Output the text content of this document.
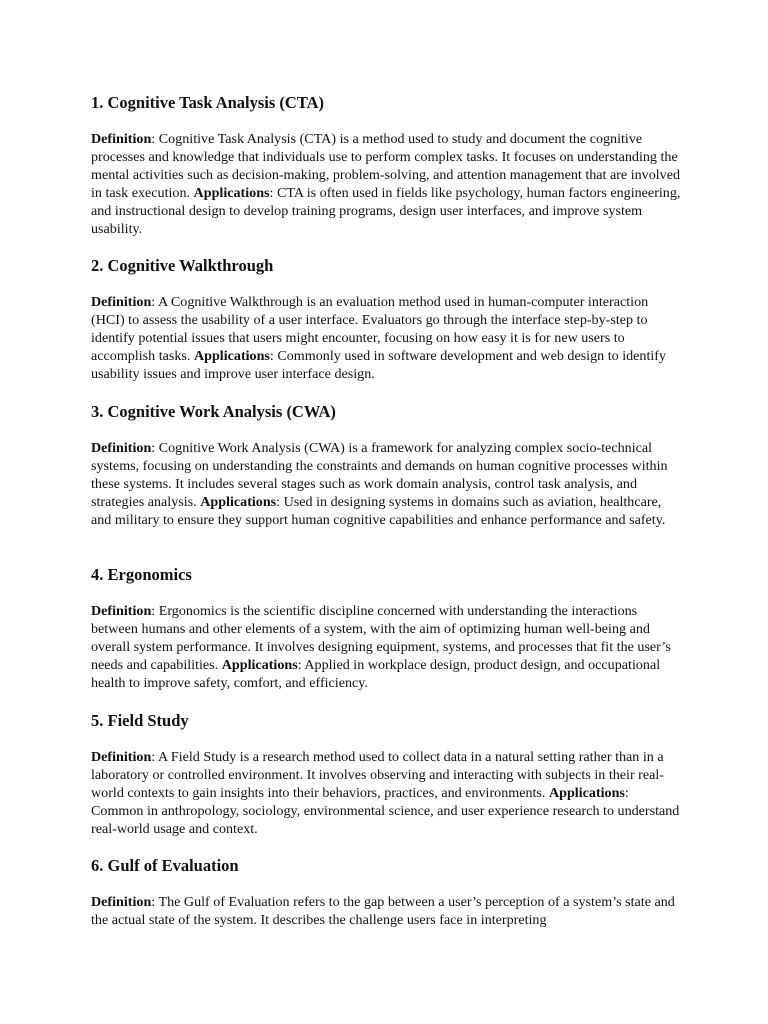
1. Cognitive Task Analysis (CTA)

Definition: Cognitive Task Analysis (CTA) is a method used to study and document the cognitive processes and knowledge that individuals use to perform complex tasks. It focuses on understanding the mental activities such as decision-making, problem-solving, and attention management that are involved in task execution. Applications: CTA is often used in fields like psychology, human factors engineering, and instructional design to develop training programs, design user interfaces, and improve system usability.

2. Cognitive Walkthrough

Definition: A Cognitive Walkthrough is an evaluation method used in human-computer interaction (HCI) to assess the usability of a user interface. Evaluators go through the interface step-by-step to identify potential issues that users might encounter, focusing on how easy it is for new users to accomplish tasks. Applications: Commonly used in software development and web design to identify usability issues and improve user interface design.

3. Cognitive Work Analysis (CWA)

Definition: Cognitive Work Analysis (CWA) is a framework for analyzing complex socio-technical systems, focusing on understanding the constraints and demands on human cognitive processes within these systems. It includes several stages such as work domain analysis, control task analysis, and strategies analysis. Applications: Used in designing systems in domains such as aviation, healthcare, and military to ensure they support human cognitive capabilities and enhance performance and safety.

4. Ergonomics

Definition: Ergonomics is the scientific discipline concerned with understanding the interactions between humans and other elements of a system, with the aim of optimizing human well-being and overall system performance. It involves designing equipment, systems, and processes that fit the user’s needs and capabilities. Applications: Applied in workplace design, product design, and occupational health to improve safety, comfort, and efficiency.

5. Field Study

Definition: A Field Study is a research method used to collect data in a natural setting rather than in a laboratory or controlled environment. It involves observing and interacting with subjects in their real-world contexts to gain insights into their behaviors, practices, and environments. Applications: Common in anthropology, sociology, environmental science, and user experience research to understand real-world usage and context.

6. Gulf of Evaluation

Definition: The Gulf of Evaluation refers to the gap between a user’s perception of a system’s state and the actual state of the system. It describes the challenge users face in interpreting
